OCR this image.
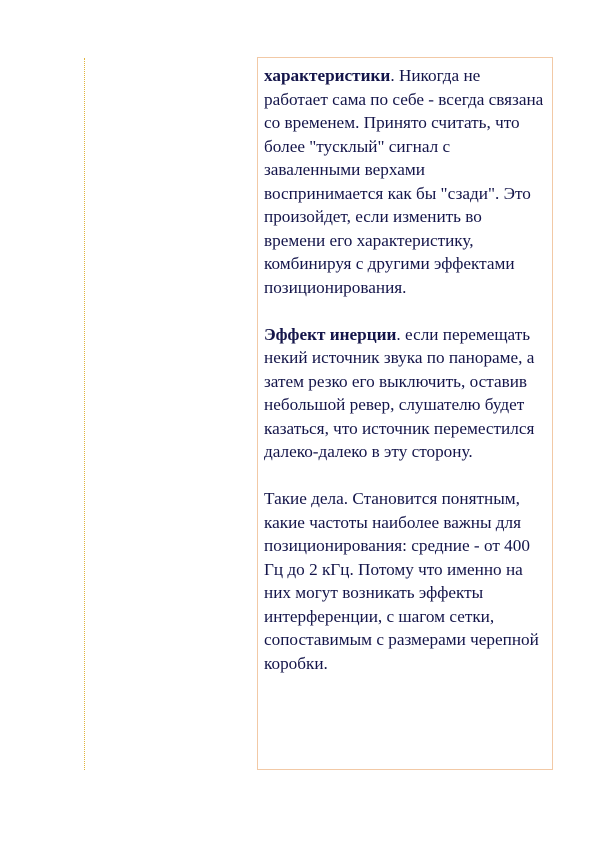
характеристики. Никогда не работает сама по себе - всегда связана со временем. Принято считать, что более "тусклый" сигнал с заваленными верхами воспринимается как бы "сзади". Это произойдет, если изменить во времени его характеристику, комбинируя с другими эффектами позиционирования.

Эффект инерции. если перемещать некий источник звука по панораме, а затем резко его выключить, оставив небольшой ревер, слушателю будет казаться, что источник переместился далеко-далеко в эту сторону.

Такие дела. Становится понятным, какие частоты наиболее важны для позиционирования: средние - от 400 Гц до 2 кГц. Потому что именно на них могут возникать эффекты интерференции, с шагом сетки, сопоставимым с размерами черепной коробки.
